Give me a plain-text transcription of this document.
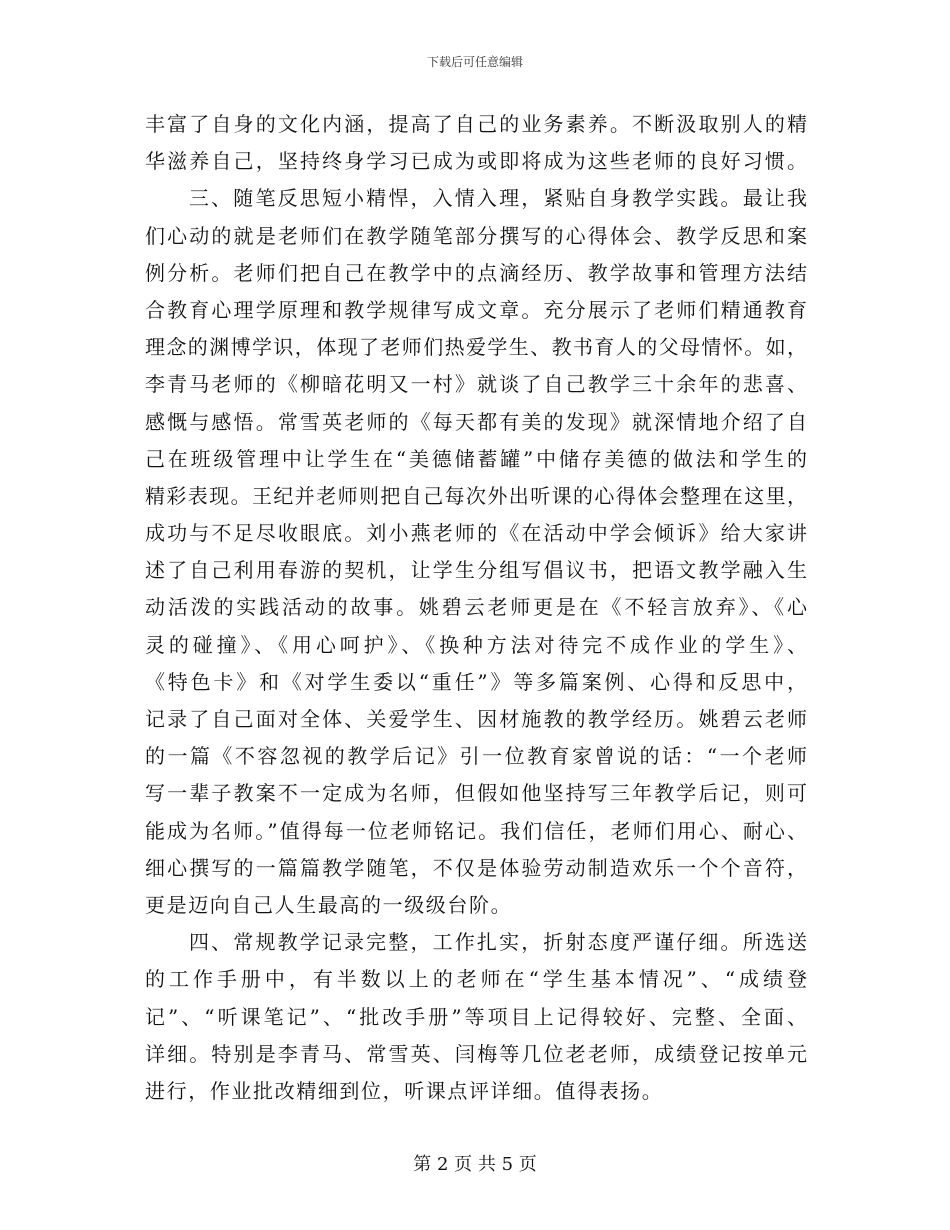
下载后可任意编辑
丰富了自身的文化内涵，提高了自己的业务素养。不断汲取别人的精
华滋养自己，坚持终身学习已成为或即将成为这些老师的良好习惯。
三、随笔反思短小精悍，入情入理，紧贴自身教学实践。最让我
们心动的就是老师们在教学随笔部分撰写的心得体会、教学反思和案
例分析。老师们把自己在教学中的点滴经历、教学故事和管理方法结
合教育心理学原理和教学规律写成文章。充分展示了老师们精通教育
理念的渊博学识，体现了老师们热爱学生、教书育人的父母情怀。如，
李青马老师的《柳暗花明又一村》就谈了自己教学三十余年的悲喜、
感慨与感悟。常雪英老师的《每天都有美的发现》就深情地介绍了自
己在班级管理中让学生在“美德储蓄罐”中储存美德的做法和学生的
精彩表现。王纪并老师则把自己每次外出听课的心得体会整理在这里，
成功与不足尽收眼底。刘小燕老师的《在活动中学会倾诉》给大家讲
述了自己利用春游的契机，让学生分组写倡议书，把语文教学融入生
动活泼的实践活动的故事。姚碧云老师更是在《不轻言放弃》、《心
灵的碰撞》、《用心呵护》、《换种方法对待完不成作业的学生》、
《特色卡》和《对学生委以“重任”》等多篇案例、心得和反思中，
记录了自己面对全体、关爱学生、因材施教的教学经历。姚碧云老师
的一篇《不容忽视的教学后记》引一位教育家曾说的话：“一个老师
写一辈子教案不一定成为名师，但假如他坚持写三年教学后记，则可
能成为名师。”值得每一位老师铭记。我们信任，老师们用心、耐心、
细心撰写的一篇篇教学随笔，不仅是体验劳动制造欢乐一个个音符，
更是迈向自己人生最高的一级级台阶。
四、常规教学记录完整，工作扎实，折射态度严谨仔细。所选送
的工作手册中，有半数以上的老师在“学生基本情况”、“成绩登
记”、“听课笔记”、“批改手册”等项目上记得较好、完整、全面、
详细。特别是李青马、常雪英、闫梅等几位老老师，成绩登记按单元
进行，作业批改精细到位，听课点评详细。值得表扬。
第 2 页 共 5 页
